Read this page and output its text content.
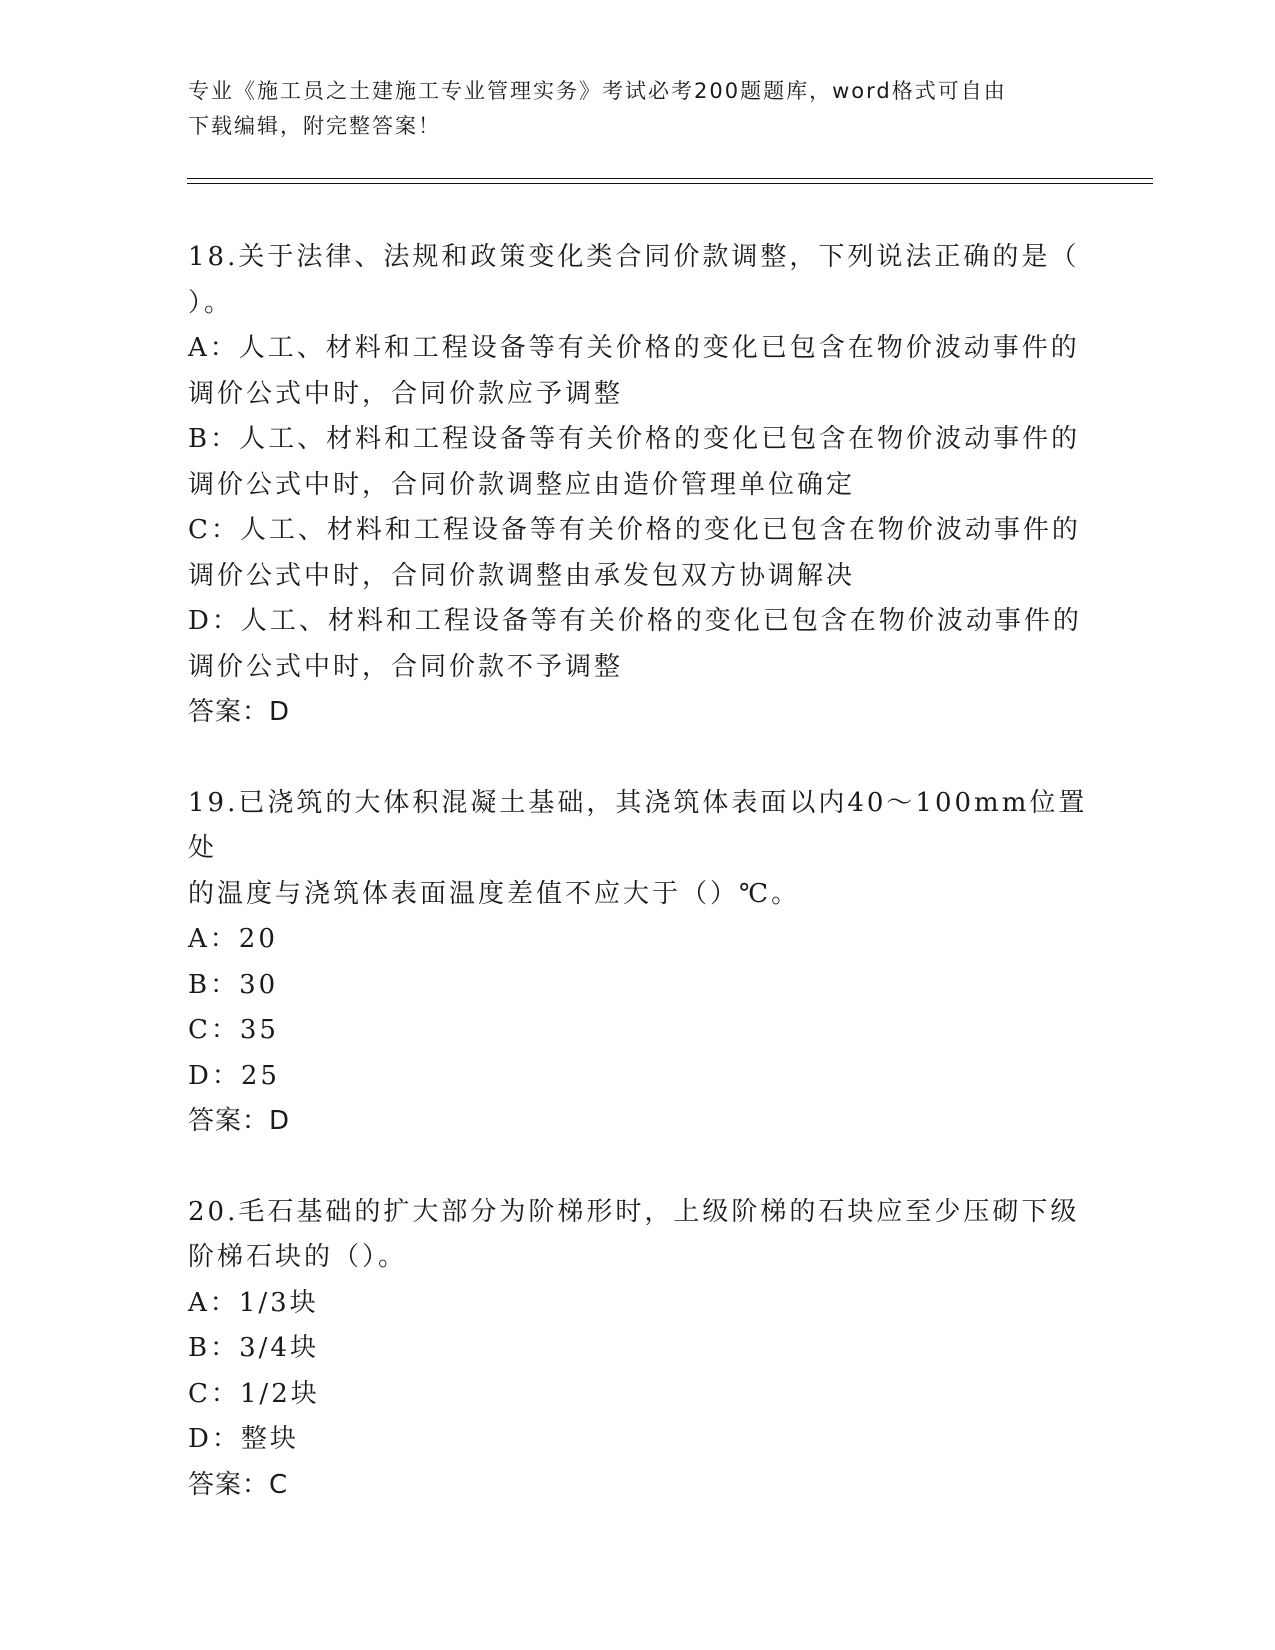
专业《施工员之土建施工专业管理实务》考试必考200题题库，word格式可自由
下载编辑，附完整答案！
18.关于法律、法规和政策变化类合同价款调整，下列说法正确的是（
）。
A：人工、材料和工程设备等有关价格的变化已包含在物价波动事件的
调价公式中时，合同价款应予调整
B：人工、材料和工程设备等有关价格的变化已包含在物价波动事件的
调价公式中时，合同价款调整应由造价管理单位确定
C：人工、材料和工程设备等有关价格的变化已包含在物价波动事件的
调价公式中时，合同价款调整由承发包双方协调解决
D：人工、材料和工程设备等有关价格的变化已包含在物价波动事件的
调价公式中时，合同价款不予调整
答案：D
19.已浇筑的大体积混凝土基础，其浇筑体表面以内40～100mm位置处
的温度与浇筑体表面温度差值不应大于（）℃。
A：20
B：30
C：35
D：25
答案：D
20.毛石基础的扩大部分为阶梯形时，上级阶梯的石块应至少压砌下级
阶梯石块的（）。
A：1/3块
B：3/4块
C：1/2块
D：整块
答案：C
